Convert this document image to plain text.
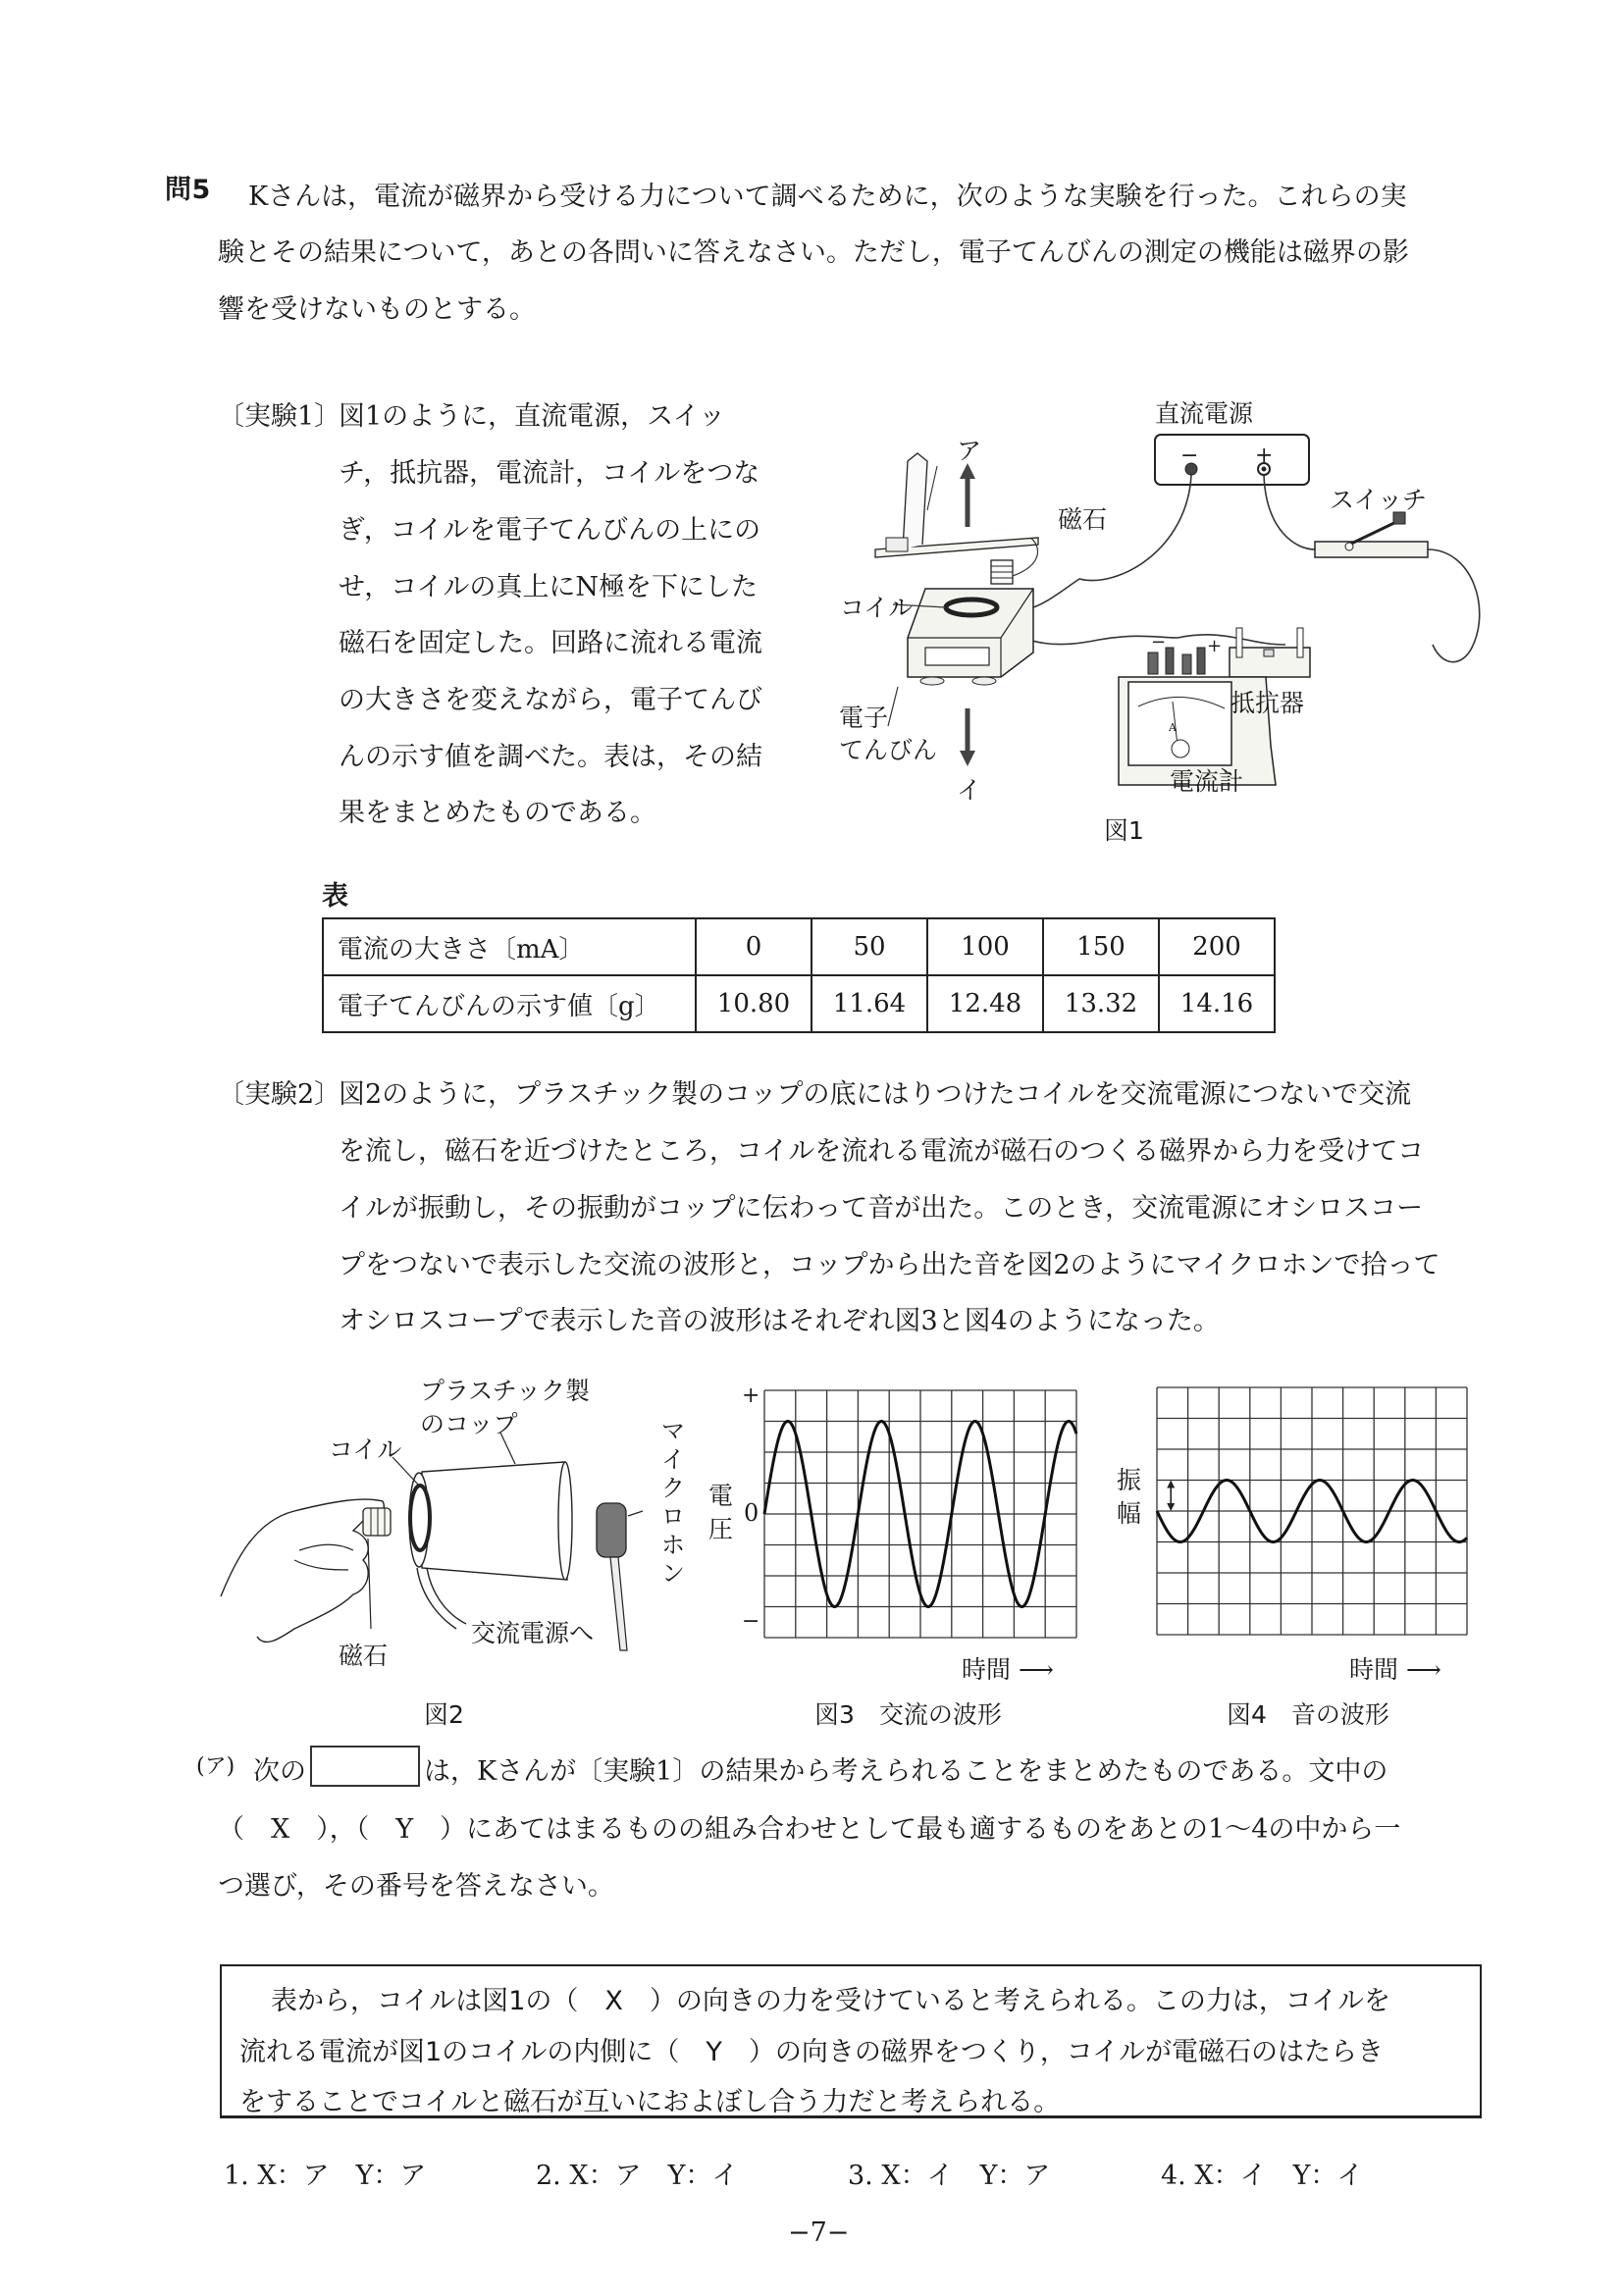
問5 Kさんは，電流が磁界から受ける力について調べるために，次のような実験を行った。これらの実
験とその結果について，あとの各問いに答えなさい。ただし，電子てんびんの測定の機能は磁界の影
響を受けないものとする。
〔実験1〕
図1のように，直流電源，スイッ
チ，抵抗器，電流計，コイルをつな
ぎ，コイルを電子てんびんの上にの
せ，コイルの真上にN極を下にした
磁石を固定した。回路に流れる電流
の大きさを変えながら，電子てんび
んの示す値を調べた。表は，その結
果をまとめたものである。
直流電源
−	+
スイッチ
磁石
コイル
電子
てんびん
抵抗器
電流計
A
− +
ア
イ
図1
表
電流の大きさ〔mA〕	0	50	100	150	200
電子てんびんの示す値〔g〕	10.80	11.64	12.48	13.32	14.16
〔実験2〕
図2のように，プラスチック製のコップの底にはりつけたコイルを交流電源につないで交流
を流し，磁石を近づけたところ，コイルを流れる電流が磁石のつくる磁界から力を受けてコ
イルが振動し，その振動がコップに伝わって音が出た。このとき，交流電源にオシロスコー
プをつないで表示した交流の波形と，コップから出た音を図2のようにマイクロホンで拾って
オシロスコープで表示した音の波形はそれぞれ図3と図4のようになった。
プラスチック製
のコップ
コイル	マイクロホン
磁石
交流電源へ
図2
+
0
−
電圧
時間 ⟶
図3　交流の波形
振幅
時間 ⟶
図4　音の波形
(ア) 次の	は，Kさんが〔実験1〕の結果から考えられることをまとめたものである。文中の
（　X　），（　Y　）にあてはまるものの組み合わせとして最も適するものをあとの1〜4の中から一
つ選び，その番号を答えなさい。
表から，コイルは図1の（　X　）の向きの力を受けていると考えられる。この力は，コイルを
流れる電流が図1のコイルの内側に（　Y　）の向きの磁界をつくり，コイルが電磁石のはたらき
をすることでコイルと磁石が互いにおよぼし合う力だと考えられる。
1. X：ア　Y：ア	2. X：ア　Y：イ	3. X：イ　Y：ア	4. X：イ　Y：イ
−7−
